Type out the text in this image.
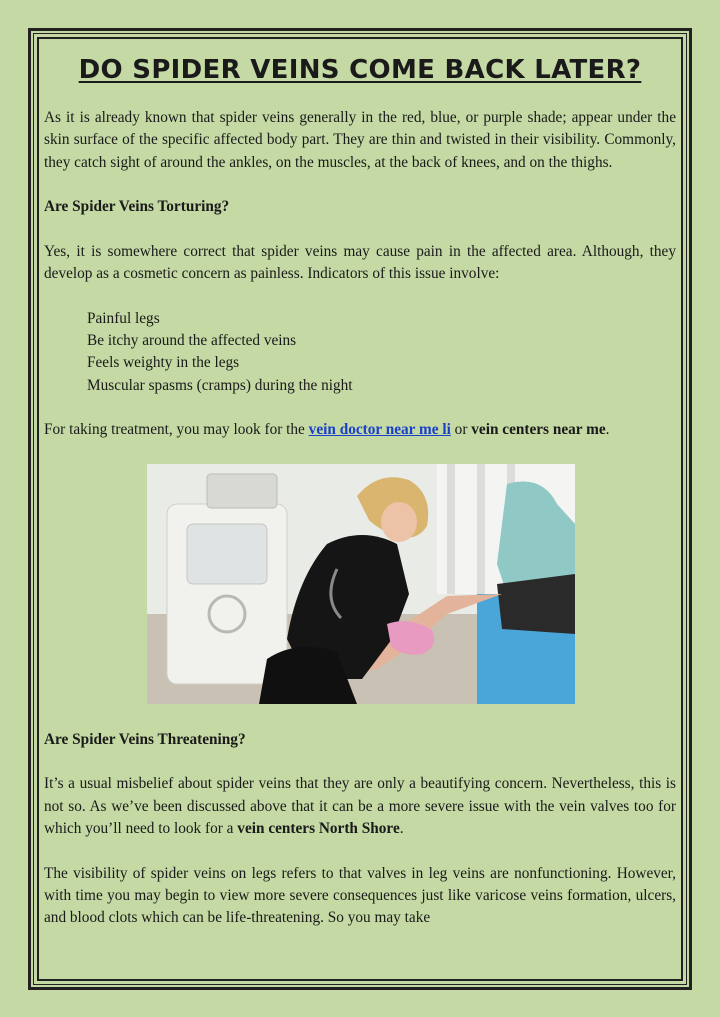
DO SPIDER VEINS COME BACK LATER?

As it is already known that spider veins generally in the red, blue, or purple shade; appear under the skin surface of the specific affected body part. They are thin and twisted in their visibility. Commonly, they catch sight of around the ankles, on the muscles, at the back of knees, and on the thighs.

Are Spider Veins Torturing?

Yes, it is somewhere correct that spider veins may cause pain in the affected area. Although, they develop as a cosmetic concern as painless. Indicators of this issue involve:

Painful legs
Be itchy around the affected veins
Feels weighty in the legs
Muscular spasms (cramps) during the night

For taking treatment, you may look for the vein doctor near me li or vein centers near me.

Are Spider Veins Threatening?

It’s a usual misbelief about spider veins that they are only a beautifying concern. Nevertheless, this is not so. As we’ve been discussed above that it can be a more severe issue with the vein valves too for which you’ll need to look for a vein centers North Shore.

The visibility of spider veins on legs refers to that valves in leg veins are nonfunctioning. However, with time you may begin to view more severe consequences just like varicose veins formation, ulcers, and blood clots which can be life-threatening. So you may take
